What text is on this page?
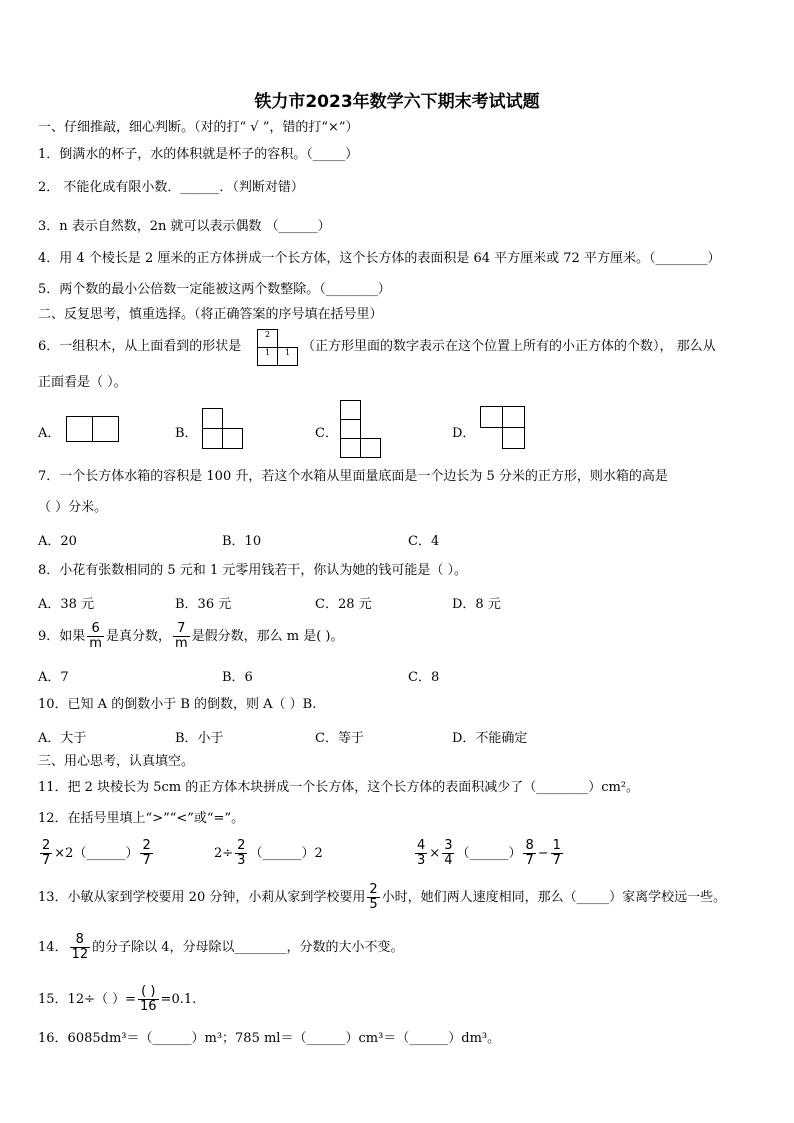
铁力市2023年数学六下期末考试试题
一、仔细推敲，细心判断。（对的打“ √ ”，错的打“×”）
1．倒满水的杯子，水的体积就是杯子的容积。（_____）
2． 不能化成有限小数．______．（判断对错）
3．n 表示自然数，2n 就可以表示偶数 （______）
4．用 4 个棱长是 2 厘米的正方体拼成一个长方体，这个长方体的表面积是 64 平方厘米或 72 平方厘米。（________）
5．两个数的最小公倍数一定能被这两个数整除。（________）
二、反复思考，慎重选择。（将正确答案的序号填在括号里）
6．一组积木，从上面看到的形状是
2
1	1 （正方形里面的数字表示在这个位置上所有的小正方体的个数）， 那么从
正面看是（ ）。
A．	B．	C．	D．
7．一个长方体水箱的容积是 100 升，若这个水箱从里面量底面是一个边长为 5 分米的正方形，则水箱的高是
（ ）分米。
A．20	B．10	C．4
8．小花有张数相同的 5 元和 1 元零用钱若干，你认为她的钱可能是（ ）。
A．38 元	B．36 元	C．28 元	D．8 元
9．如果 $\frac{6}{m}$ 是真分数， $\frac{7}{m}$ 是假分数，那么 m 是( )。
A．7	B．6	C．8
10．已知 A 的倒数小于 B 的倒数，则 A（ ）B.
A．大于	B．小于	C．等于	D．不能确定
三、用心思考，认真填空。
11．把 2 块棱长为 5cm 的正方体木块拼成一个长方体，这个长方体的表面积减少了（________）cm²。
12．在括号里填上“>”“<”或“=”。
$\frac{2}{7}$ ×2（______） $\frac{2}{7}$	$2\div \frac{2}{3}$ （______）2	$\frac{4}{3} \times \frac{3}{4}$ （______） $\frac{8}{7} - \frac{1}{7}$
13．小敏从家到学校要用 20 分钟，小莉从家到学校要用 $\frac{2}{5}$ 小时，她们两人速度相同，那么（_____）家离学校远一些。
14． $\frac{8}{12}$ 的分子除以 4，分母除以________，分数的大小不变。
15．12÷（ ）= $\frac{( )}{16} =0.1$.
16．6085dm³＝（______）m³；785 ml＝（______）cm³＝（______）dm³。
